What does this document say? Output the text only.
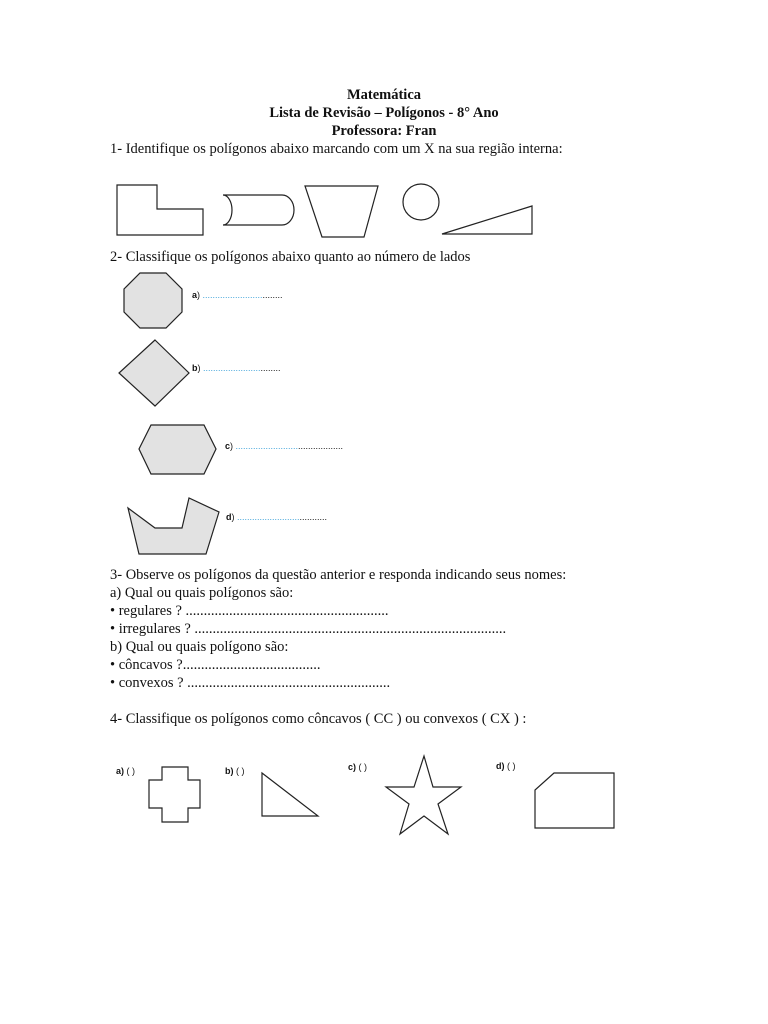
Matemática
Lista de Revisão – Polígonos - 8° Ano
Professora: Fran
1- Identifique os polígonos abaixo marcando com um X na sua região interna:
2- Classifique os polígonos abaixo quanto ao número de lados
a) ................................
b) ...............................
c) ...........................................
d) ....................................
3- Observe os polígonos da questão anterior e responda indicando seus nomes:
a) Qual ou quais polígonos são:
• regulares ? ........................................................
• irregulares ? ......................................................................................
b) Qual ou quais polígono são:
• côncavos ?......................................
• convexos ? ........................................................
4- Classifique os polígonos como côncavos ( CC ) ou convexos ( CX ) :
a) ( )	b) ( )	c) ( )	d) ( )
